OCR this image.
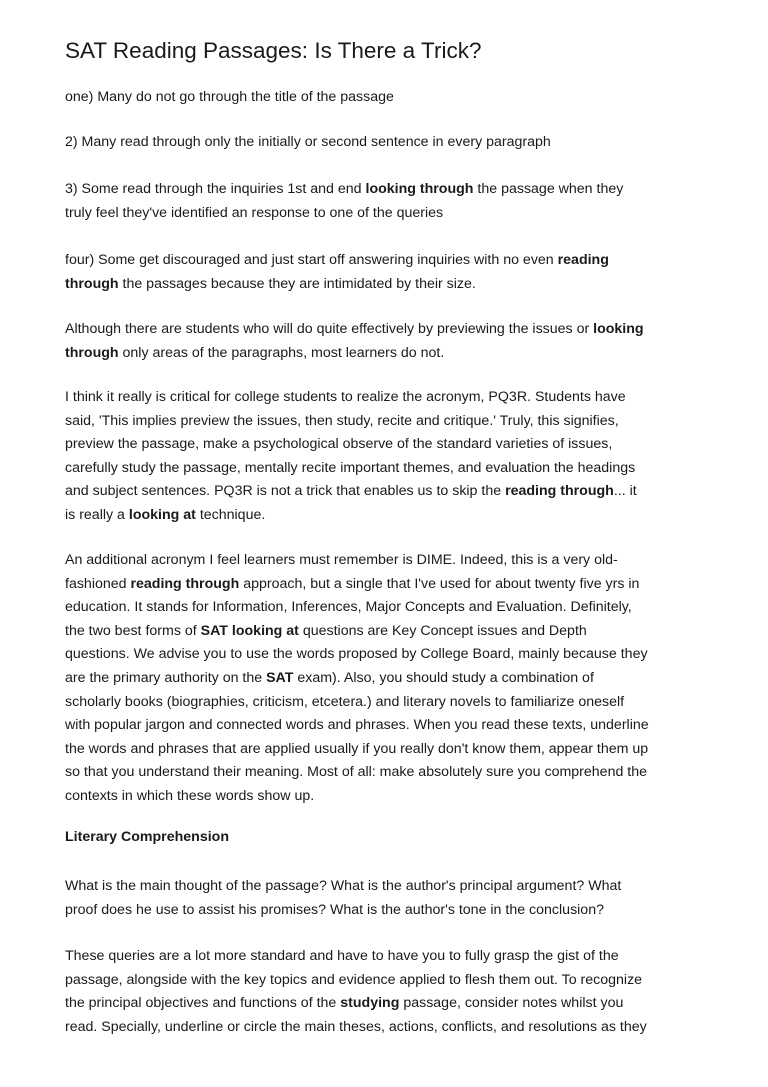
SAT Reading Passages: Is There a Trick?

one) Many do not go through the title of the passage

2) Many read through only the initially or second sentence in every paragraph

3) Some read through the inquiries 1st and end looking through the passage when they
truly feel they've identified an response to one of the queries

four) Some get discouraged and just start off answering inquiries with no even reading
through the passages because they are intimidated by their size.

Although there are students who will do quite effectively by previewing the issues or looking
through only areas of the paragraphs, most learners do not.

I think it really is critical for college students to realize the acronym, PQ3R. Students have
said, 'This implies preview the issues, then study, recite and critique.' Truly, this signifies,
preview the passage, make a psychological observe of the standard varieties of issues,
carefully study the passage, mentally recite important themes, and evaluation the headings
and subject sentences. PQ3R is not a trick that enables us to skip the reading through... it
is really a looking at technique.

An additional acronym I feel learners must remember is DIME. Indeed, this is a very old-
fashioned reading through approach, but a single that I've used for about twenty five yrs in
education. It stands for Information, Inferences, Major Concepts and Evaluation. Definitely,
the two best forms of SAT looking at questions are Key Concept issues and Depth
questions. We advise you to use the words proposed by College Board, mainly because they
are the primary authority on the SAT exam). Also, you should study a combination of
scholarly books (biographies, criticism, etcetera.) and literary novels to familiarize oneself
with popular jargon and connected words and phrases. When you read these texts, underline
the words and phrases that are applied usually if you really don't know them, appear them up
so that you understand their meaning. Most of all: make absolutely sure you comprehend the
contexts in which these words show up.

Literary Comprehension

What is the main thought of the passage? What is the author's principal argument? What
proof does he use to assist his promises? What is the author's tone in the conclusion?

These queries are a lot more standard and have to have you to fully grasp the gist of the
passage, alongside with the key topics and evidence applied to flesh them out. To recognize
the principal objectives and functions of the studying passage, consider notes whilst you
read. Specially, underline or circle the main theses, actions, conflicts, and resolutions as they
